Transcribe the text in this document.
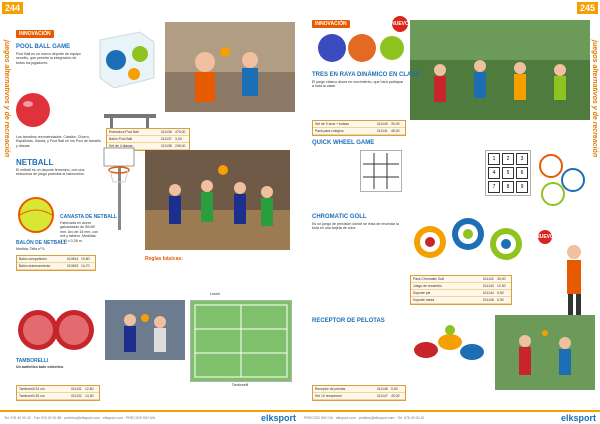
244
juegos alternativos y de recreación
INNOVACIÓN
POOL BALL GAME
Pool Ball es un nuevo deporte de equipo sencillo, que permite la integración de todos los jugadores.
Los tamaños recomendados: Catalán, Chorro, Españolas, Sanda, y Pool Ball en los Pool de tamaño y dianas.
Estructura Pool Ball	011136 475,00
Balón Pool Ball	011137 3,00
Set de 4 dianas	011138 245,00
NETBALL
El netball es un deporte femenino, con una estructura de juego parecida al baloncesto.
BALÓN DE NETBALL
Medida: Talla nº 5.
Balón competición	010814 19,80
Balón entrenamiento	010815 14,70
CANASTA DE NETBALL
Fabricada en acero galvanizado de 50x50 mm. Aro de 15 mm, con red y tablero. Medidas: 3,05 x 0,38 m.
Reglas básicas:
TAMBORELLI
Un auténtico bote colectivo.
Tamborelli 24 cm	011131 12,80
Tamborelli 35 cm	011132 14,50
Tamborelli
Lorem
Tel. 976 40 00 42 · Fax 976 40 00 88 · pedidos@elksport.com · elksport.com · PRECIOS SIN IVA	elksport
245
juegos alternativos y de recreación
INNOVACIÓN	NUEVO
TRES EN RAYA DINÁMICO EN CLASE
El juego clásico ahora en movimiento, que hará participar a toda la clase.
Set de 9 aros + bolsas	011140 39,00
Pack para colegios	011141 45,00
QUICK WHEEL GAME
1	2	3
4	5	6
7	8	9
CHROMATIC GOLL
Es un juego de precisión donde se trata de encestar la bola en una tarjeta de color.
NUEVO
Pack Chromatic Goll	011142 33,00
Juego de recambio	011143 12,50
Soporte pie	011144 5,90
Soporte mesa	011145 6,90
RECEPTOR DE PELOTAS
Receptor de pelotas	011146 5,50
Set 10 receptores	011147 49,00
PRECIOS SIN IVA · elksport.com · pedidos@elksport.com · Tel. 976 40 00 42	elksport
